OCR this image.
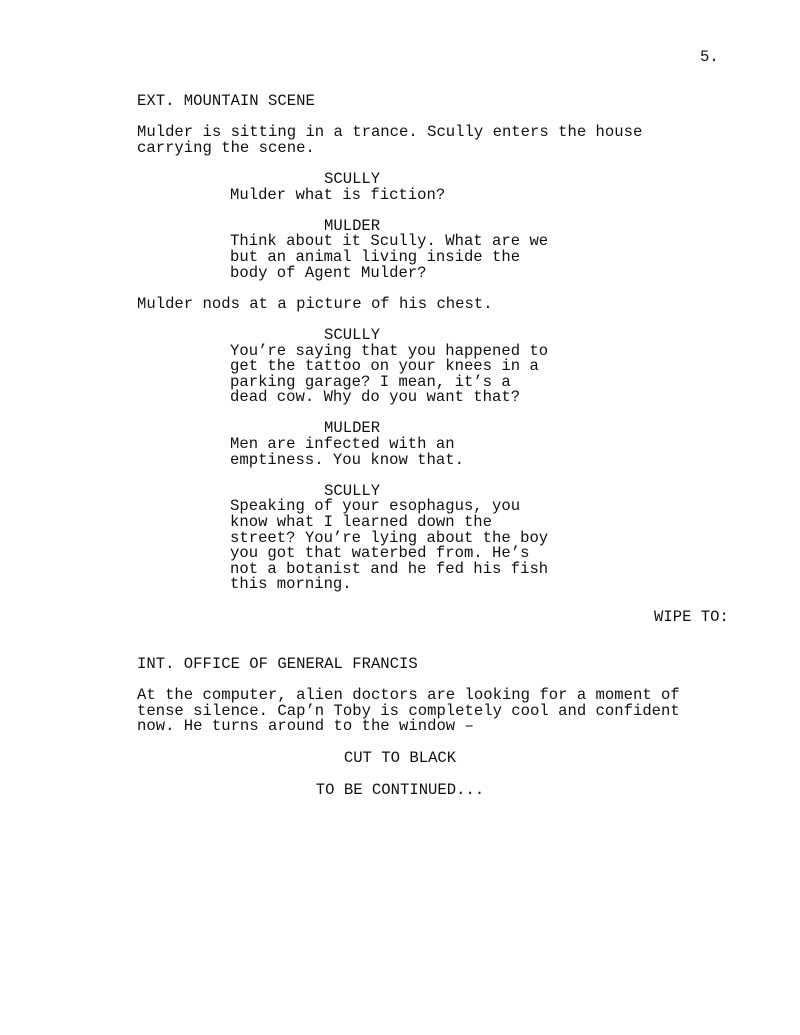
5.
EXT. MOUNTAIN SCENE
Mulder is sitting in a trance. Scully enters the house
carrying the scene.
SCULLY
Mulder what is fiction?
MULDER
Think about it Scully. What are we
but an animal living inside the
body of Agent Mulder?
Mulder nods at a picture of his chest.
SCULLY
You’re saying that you happened to
get the tattoo on your knees in a
parking garage? I mean, it’s a
dead cow. Why do you want that?
MULDER
Men are infected with an
emptiness. You know that.
SCULLY
Speaking of your esophagus, you
know what I learned down the
street? You’re lying about the boy
you got that waterbed from. He’s
not a botanist and he fed his fish
this morning.
WIPE TO:
INT. OFFICE OF GENERAL FRANCIS
At the computer, alien doctors are looking for a moment of
tense silence. Cap’n Toby is completely cool and confident
now. He turns around to the window –
CUT TO BLACK
TO BE CONTINUED...
